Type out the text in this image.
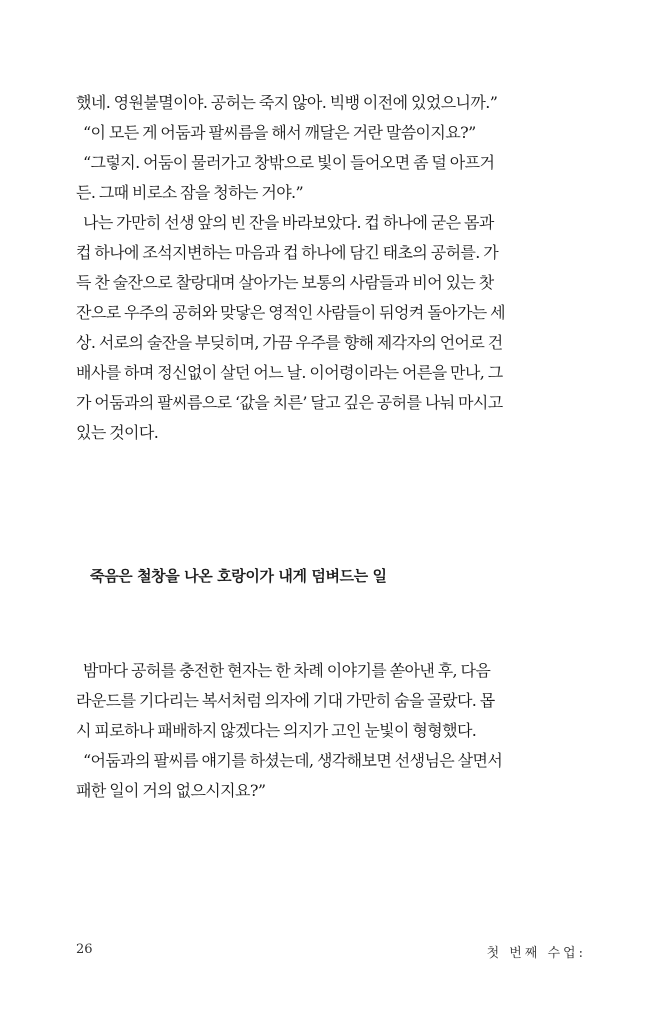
했네. 영원불멸이야. 공허는 죽지 않아. 빅뱅 이전에 있었으니까.”
“이 모든 게 어둠과 팔씨름을 해서 깨달은 거란 말씀이지요?”
“그렇지. 어둠이 물러가고 창밖으로 빛이 들어오면 좀 덜 아프거
든. 그때 비로소 잠을 청하는 거야.”
나는 가만히 선생 앞의 빈 잔을 바라보았다. 컵 하나에 굳은 몸과
컵 하나에 조석지변하는 마음과 컵 하나에 담긴 태초의 공허를. 가
득 찬 술잔으로 찰랑대며 살아가는 보통의 사람들과 비어 있는 찻
잔으로 우주의 공허와 맞닿은 영적인 사람들이 뒤엉켜 돌아가는 세
상. 서로의 술잔을 부딪히며, 가끔 우주를 향해 제각자의 언어로 건
배사를 하며 정신없이 살던 어느 날. 이어령이라는 어른을 만나, 그
가 어둠과의 팔씨름으로 ‘값을 치른’ 달고 깊은 공허를 나눠 마시고
있는 것이다.
죽음은 철창을 나온 호랑이가 내게 덤벼드는 일
밤마다 공허를 충전한 현자는 한 차례 이야기를 쏟아낸 후, 다음
라운드를 기다리는 복서처럼 의자에 기대 가만히 숨을 골랐다. 몹
시 피로하나 패배하지 않겠다는 의지가 고인 눈빛이 형형했다.
“어둠과의 팔씨름 얘기를 하셨는데, 생각해보면 선생님은 살면서
패한 일이 거의 없으시지요?”
26	첫 번째 수업:
